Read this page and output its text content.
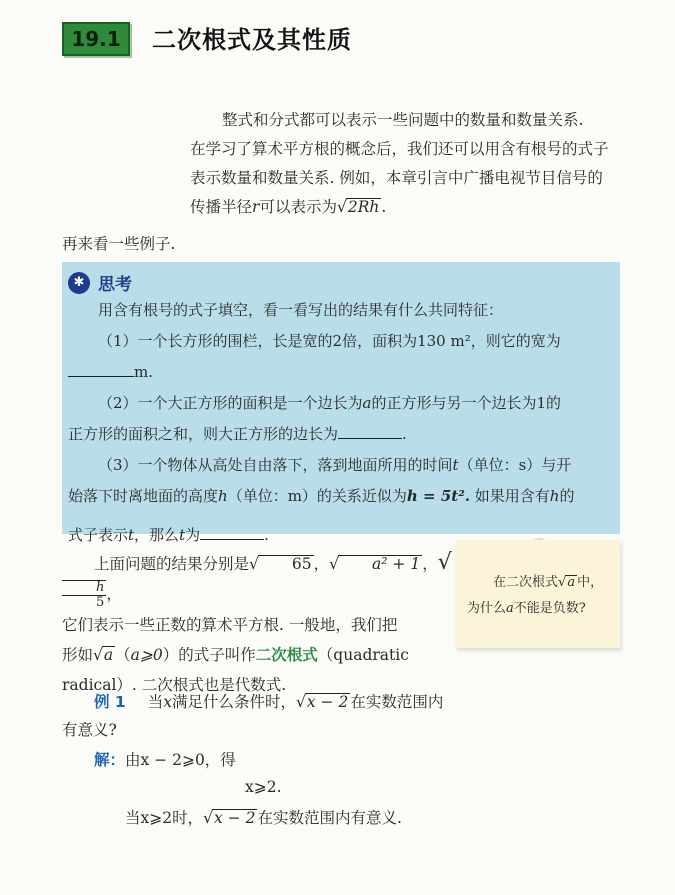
19.1 二次根式及其性质

整式和分式都可以表示一些问题中的数量和数量关系.

在学习了算术平方根的概念后，我们还可以用含有根号的式子

表示数量和数量关系. 例如，本章引言中广播电视节目信号的

传播半径r可以表示为√2Rh .

再来看一些例子.
✱ 思考

用含有根号的式子填空，看一看写出的结果有什么共同特征：

（1）一个长方形的围栏，长是宽的2倍，面积为130 m²，则它的宽为

m.

（2）一个大正方形的面积是一个边长为a的正方形与另一个边长为1的

正方形的面积之和，则大正方形的边长为	.

（3）一个物体从高处自由落下，落到地面所用的时间t（单位：s）与开

始落下时离地面的高度h（单位：m）的关系近似为h = 5t². 如果用含有h的

式子表示t，那么t为	.

在二次根式√a 中，

为什么a不能是负数?

上面问题的结果分别是√ 65 ，√ a² + 1 ，√
$\frac{h}{5}$ ，

它们表示一些正数的算术平方根. 一般地，我们把

形如√a （a⩾0）的式子叫作二次根式（quadratic

radical）. 二次根式也是代数式.

例 1 当x满足什么条件时，√x − 2 在实数范围内
有意义?
解：由x − 2⩾0，得
x⩾2.
当x⩾2时，√x − 2 在实数范围内有意义.
